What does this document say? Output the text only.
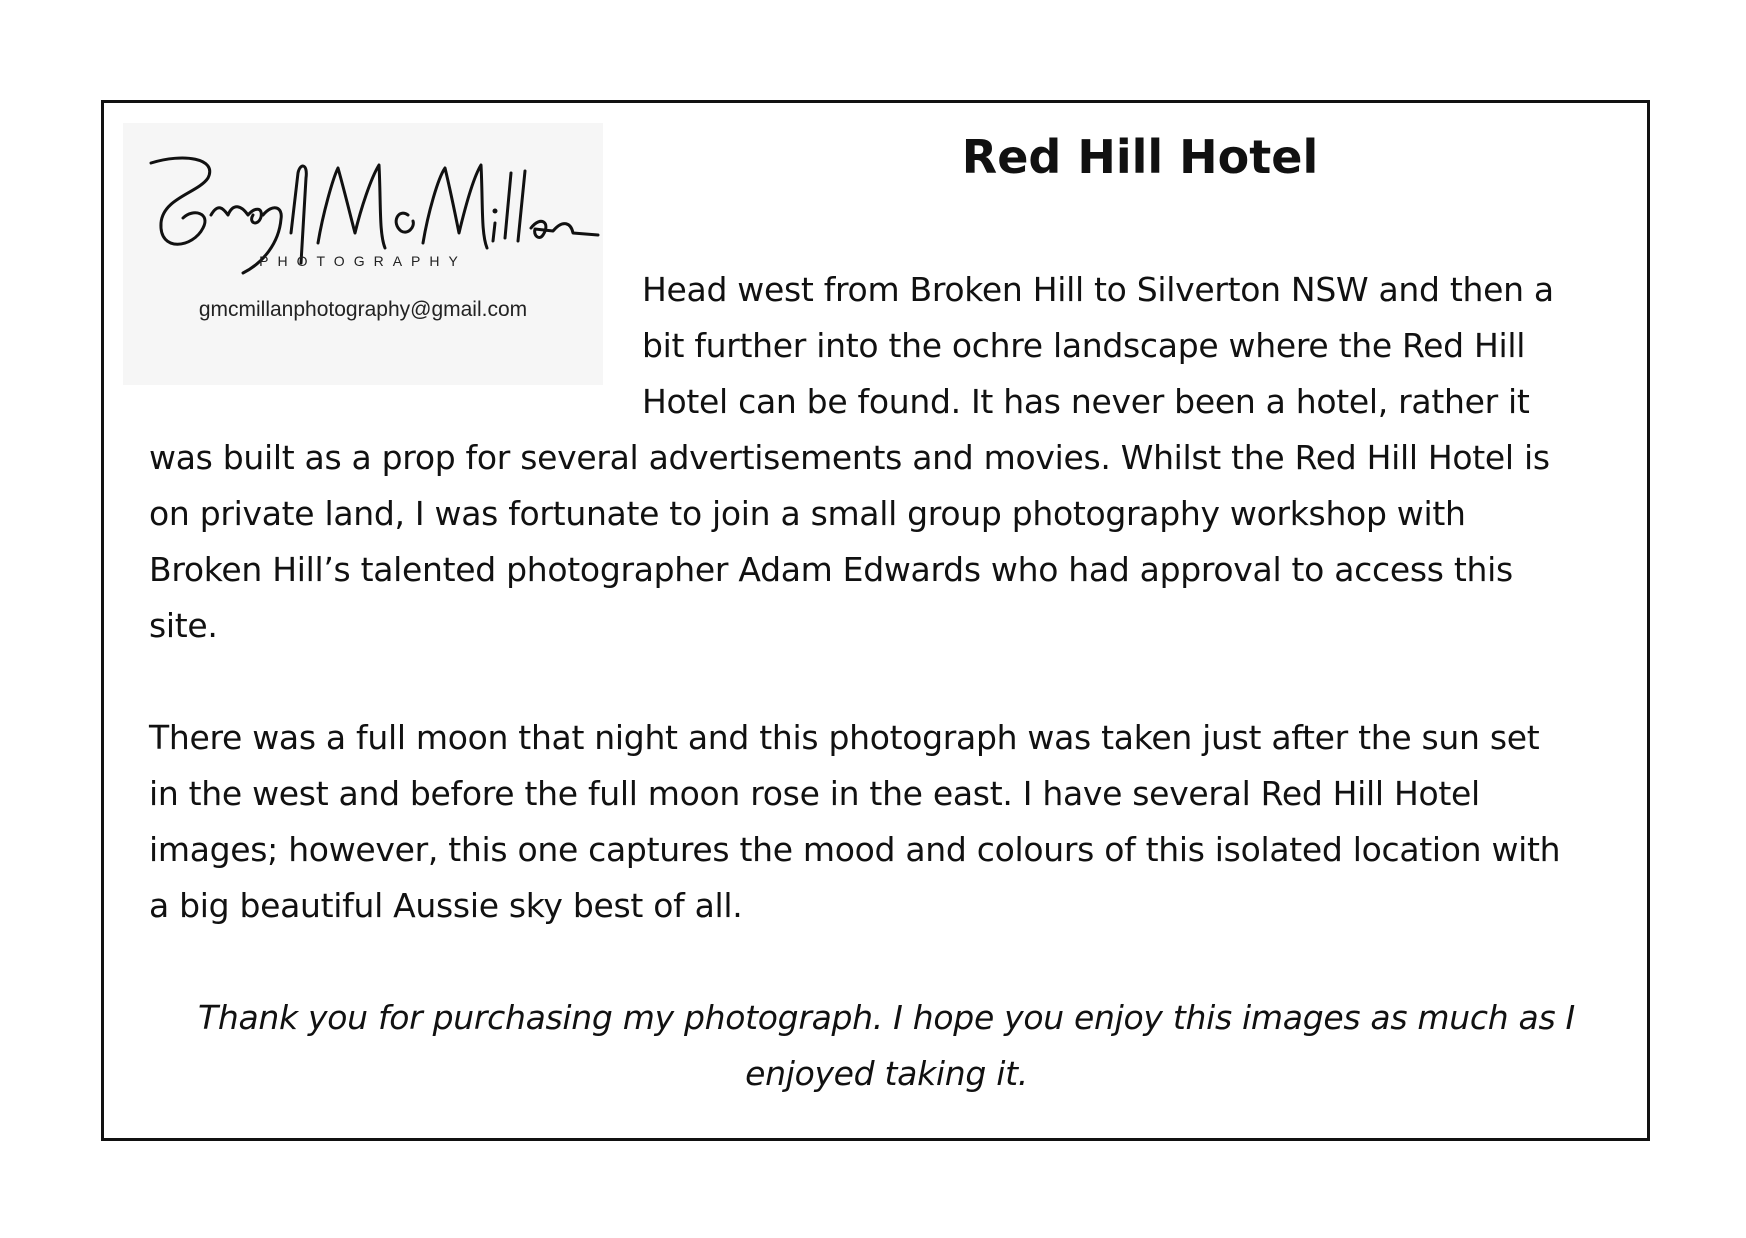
PHOTOGRAPHY
gmcmillanphotography@gmail.com
Red Hill Hotel
Head west from Broken Hill to Silverton NSW and then a
bit further into the ochre landscape where the Red Hill
Hotel can be found. It has never been a hotel, rather it
was built as a prop for several advertisements and movies. Whilst the Red Hill Hotel is
on private land, I was fortunate to join a small group photography workshop with
Broken Hill’s talented photographer Adam Edwards who had approval to access this
site.
There was a full moon that night and this photograph was taken just after the sun set
in the west and before the full moon rose in the east. I have several Red Hill Hotel
images; however, this one captures the mood and colours of this isolated location with
a big beautiful Aussie sky best of all.
Thank you for purchasing my photograph. I hope you enjoy this images as much as I
enjoyed taking it.
